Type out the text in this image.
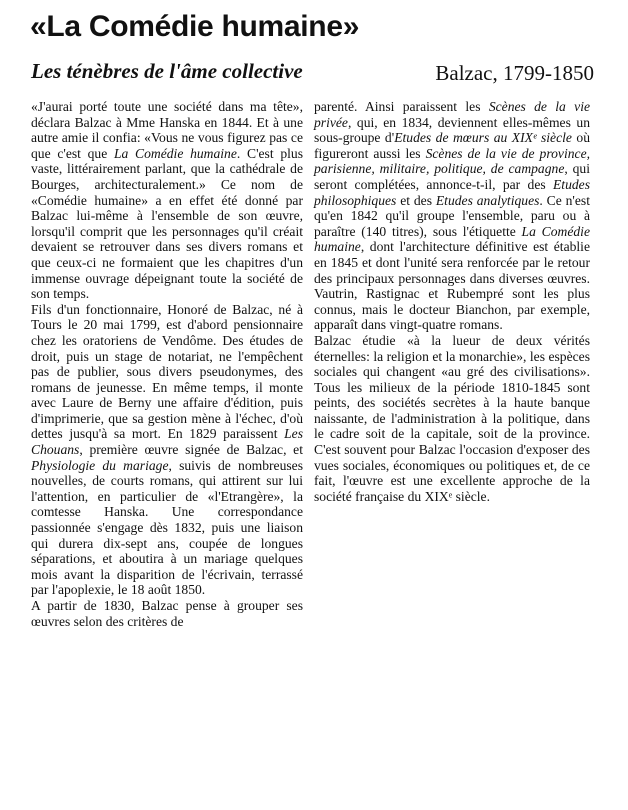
«La Comédie humaine»
Les ténèbres de l'âme collective	Balzac, 1799-1850

«J'aurai porté toute une société dans ma tête», déclara Balzac à Mme Hanska en 1844. Et à une autre amie il confia: «Vous ne vous figurez pas ce que c'est que La Comédie humaine. C'est plus vaste, littérairement parlant, que la cathédrale de Bourges, architecturalement.» Ce nom de «Comédie humaine» a en effet été donné par Balzac lui-même à l'ensemble de son œuvre, lorsqu'il comprit que les personnages qu'il créait devaient se retrouver dans ses divers romans et que ceux-ci ne formaient que les chapitres d'un immense ouvrage dépeignant toute la société de son temps.

Fils d'un fonctionnaire, Honoré de Balzac, né à Tours le 20 mai 1799, est d'abord pensionnaire chez les oratoriens de Vendôme. Des études de droit, puis un stage de notariat, ne l'empêchent pas de publier, sous divers pseudonymes, des romans de jeunesse. En même temps, il monte avec Laure de Berny une affaire d'édition, puis d'imprimerie, que sa gestion mène à l'échec, d'où dettes jusqu'à sa mort. En 1829 paraissent Les Chouans, première œuvre signée de Balzac, et Physiologie du mariage, suivis de nombreuses nouvelles, de courts romans, qui attirent sur lui l'attention, en particulier de «l'Etrangère», la comtesse Hanska. Une correspondance passionnée s'engage dès 1832, puis une liaison qui durera dix-sept ans, coupée de longues séparations, et aboutira à un mariage quelques mois avant la disparition de l'écrivain, terrassé par l'apoplexie, le 18 août 1850.

A partir de 1830, Balzac pense à grouper ses œuvres selon des critères de

parenté. Ainsi paraissent les Scènes de la vie privée, qui, en 1834, deviennent elles-mêmes un sous-groupe d'Etudes de mœurs au XIXᵉ siècle où figureront aussi les Scènes de la vie de province, parisienne, militaire, politique, de campagne, qui seront complétées, annonce-t-il, par des Etudes philosophiques et des Etudes analytiques. Ce n'est qu'en 1842 qu'il groupe l'ensemble, paru ou à paraître (140 titres), sous l'étiquette La Comédie humaine, dont l'architecture définitive est établie en 1845 et dont l'unité sera renforcée par le retour des principaux personnages dans diverses œuvres. Vautrin, Rastignac et Rubempré sont les plus connus, mais le docteur Bianchon, par exemple, apparaît dans vingt-quatre romans.

Balzac étudie «à la lueur de deux vérités éternelles: la religion et la monarchie», les espèces sociales qui changent «au gré des civilisations». Tous les milieux de la période 1810-1845 sont peints, des sociétés secrètes à la haute banque naissante, de l'administration à la politique, dans le cadre soit de la capitale, soit de la province. C'est souvent pour Balzac l'occasion d'exposer des vues sociales, économiques ou politiques et, de ce fait, l'œuvre est une excellente approche de la société française du XIXᵉ siècle.
